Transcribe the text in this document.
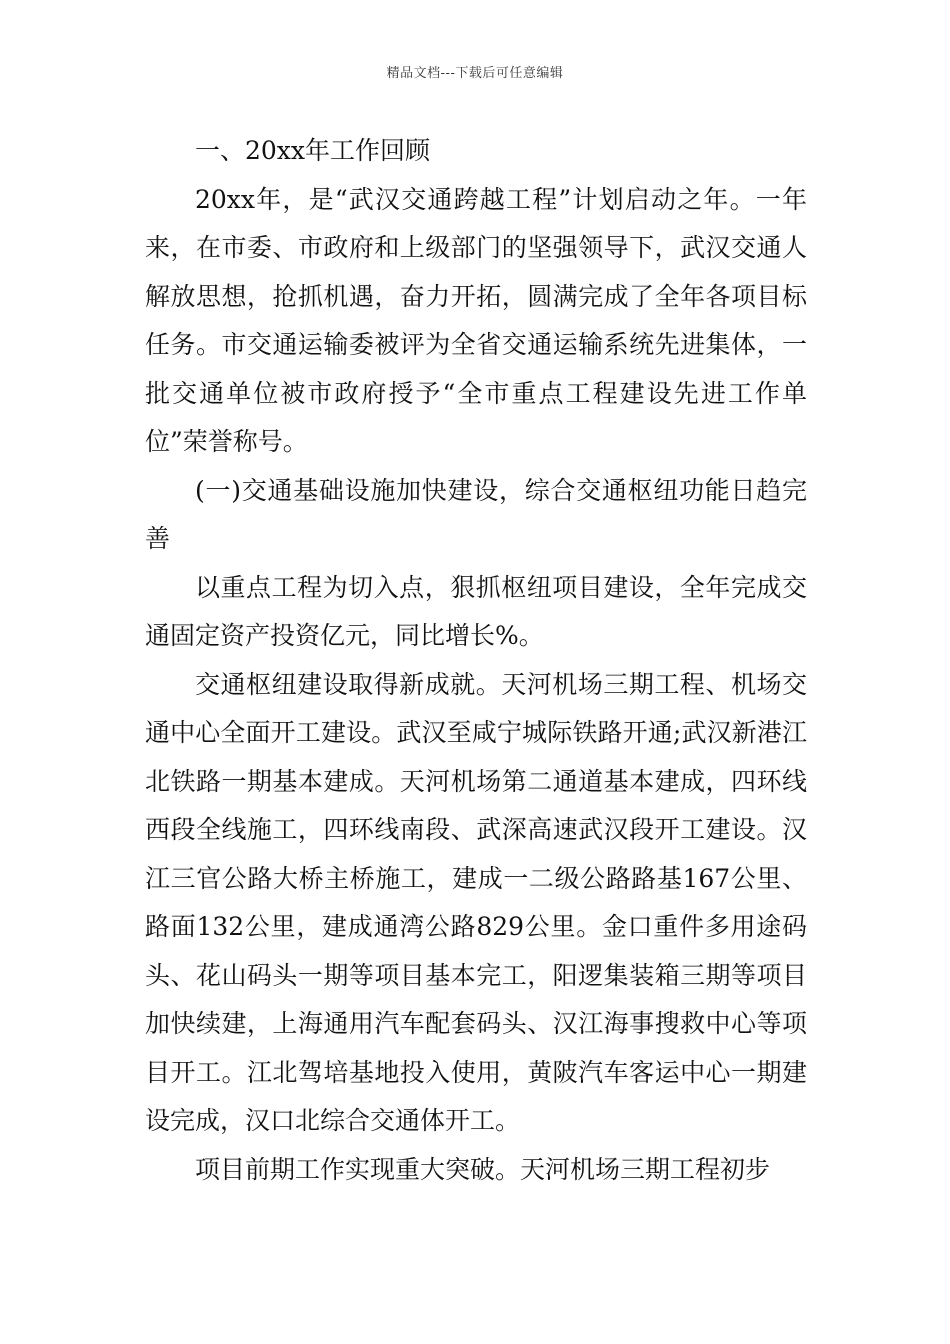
精品文档---下载后可任意编辑

一、20xx年工作回顾

20xx年，是“武汉交通跨越工程”计划启动之年。一年来，在市委、市政府和上级部门的坚强领导下，武汉交通人解放思想，抢抓机遇，奋力开拓，圆满完成了全年各项目标任务。市交通运输委被评为全省交通运输系统先进集体，一批交通单位被市政府授予“全市重点工程建设先进工作单位”荣誉称号。

(一)交通基础设施加快建设，综合交通枢纽功能日趋完善

以重点工程为切入点，狠抓枢纽项目建设，全年完成交通固定资产投资亿元，同比增长%。

交通枢纽建设取得新成就。天河机场三期工程、机场交通中心全面开工建设。武汉至咸宁城际铁路开通;武汉新港江北铁路一期基本建成。天河机场第二通道基本建成，四环线西段全线施工，四环线南段、武深高速武汉段开工建设。汉江三官公路大桥主桥施工，建成一二级公路路基167公里、路面132公里，建成通湾公路829公里。金口重件多用途码头、花山码头一期等项目基本完工，阳逻集装箱三期等项目加快续建，上海通用汽车配套码头、汉江海事搜救中心等项目开工。江北驾培基地投入使用，黄陂汽车客运中心一期建设完成，汉口北综合交通体开工。

项目前期工作实现重大突破。天河机场三期工程初步
